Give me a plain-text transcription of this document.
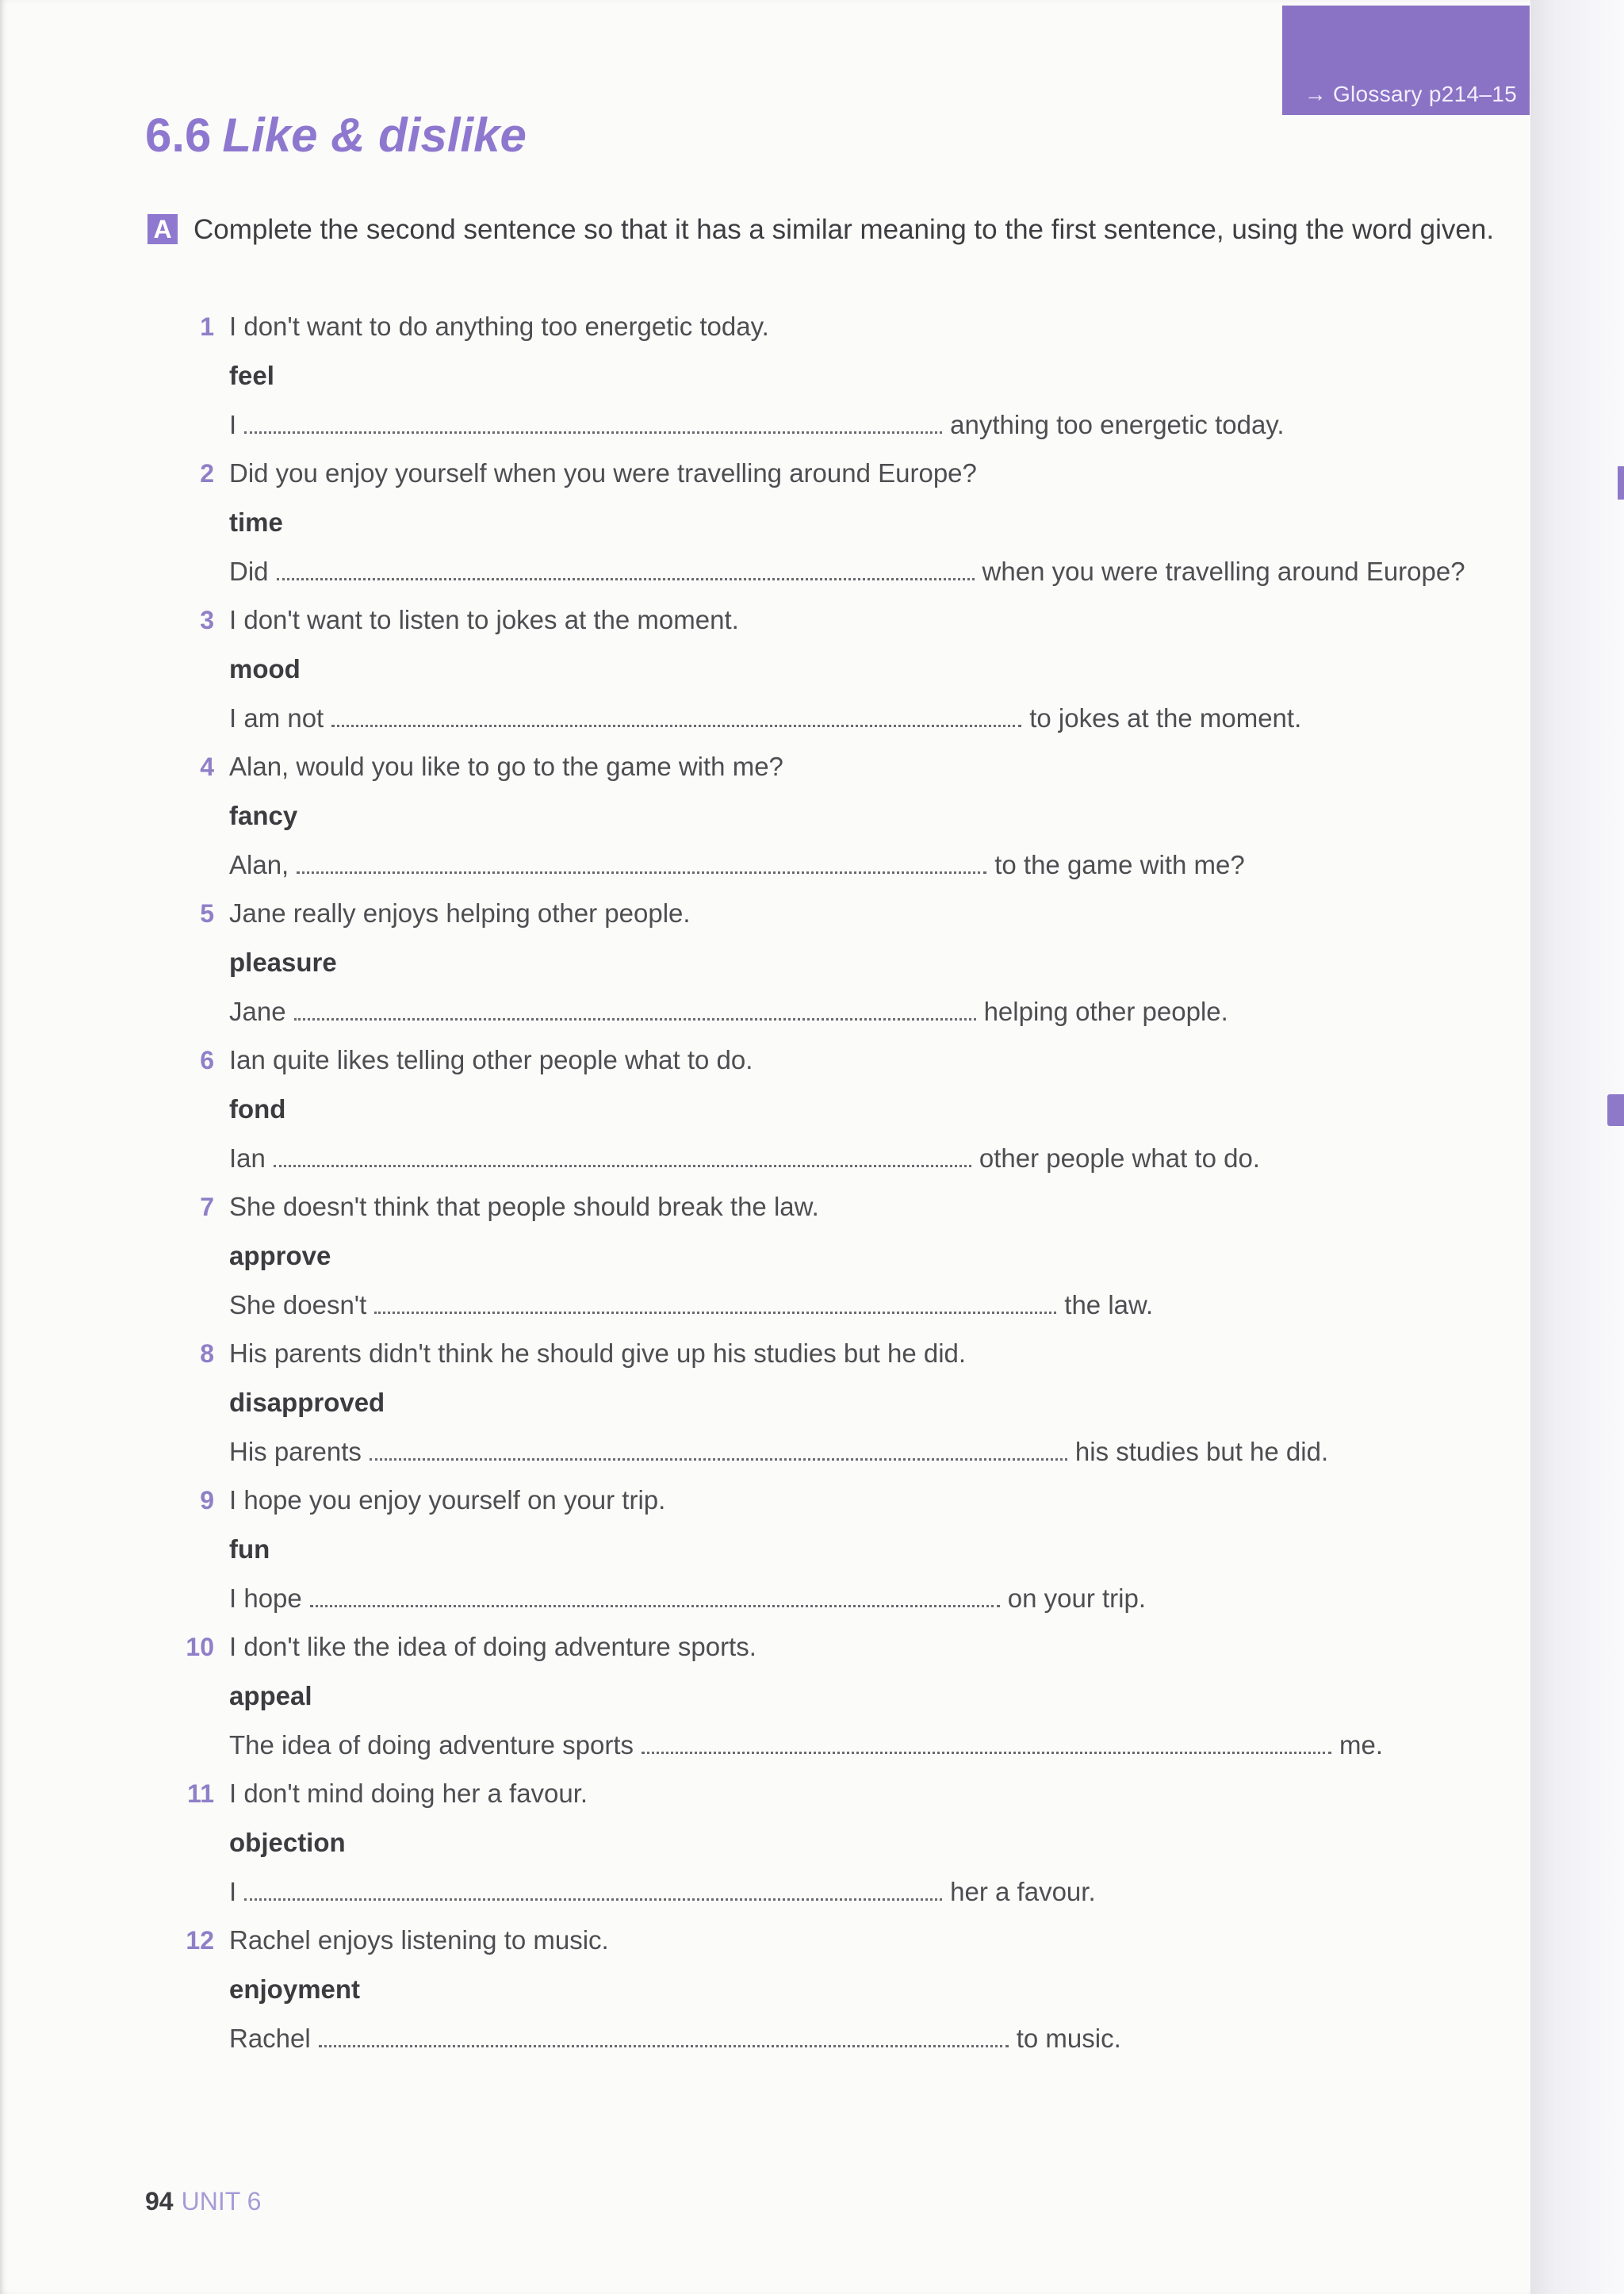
→ Glossary p214–15
6.6 Like & dislike
A Complete the second sentence so that it has a similar meaning to the first sentence, using the word given.
1 I don't want to do anything too energetic today.
feel
I	anything too energetic today.
2 Did you enjoy yourself when you were travelling around Europe?
time
Did	when you were travelling around Europe?
3 I don't want to listen to jokes at the moment.
mood
I am not	to jokes at the moment.
4 Alan, would you like to go to the game with me?
fancy
Alan,	to the game with me?
5 Jane really enjoys helping other people.
pleasure
Jane	helping other people.
6 Ian quite likes telling other people what to do.
fond
Ian	other people what to do.
7 She doesn't think that people should break the law.
approve
She doesn't	the law.
8 His parents didn't think he should give up his studies but he did.
disapproved
His parents	his studies but he did.
9 I hope you enjoy yourself on your trip.
fun
I hope	on your trip.
10 I don't like the idea of doing adventure sports.
appeal
The idea of doing adventure sports	me.
11 I don't mind doing her a favour.
objection
I	her a favour.
12 Rachel enjoys listening to music.
enjoyment
Rachel	to music.
94 UNIT 6
